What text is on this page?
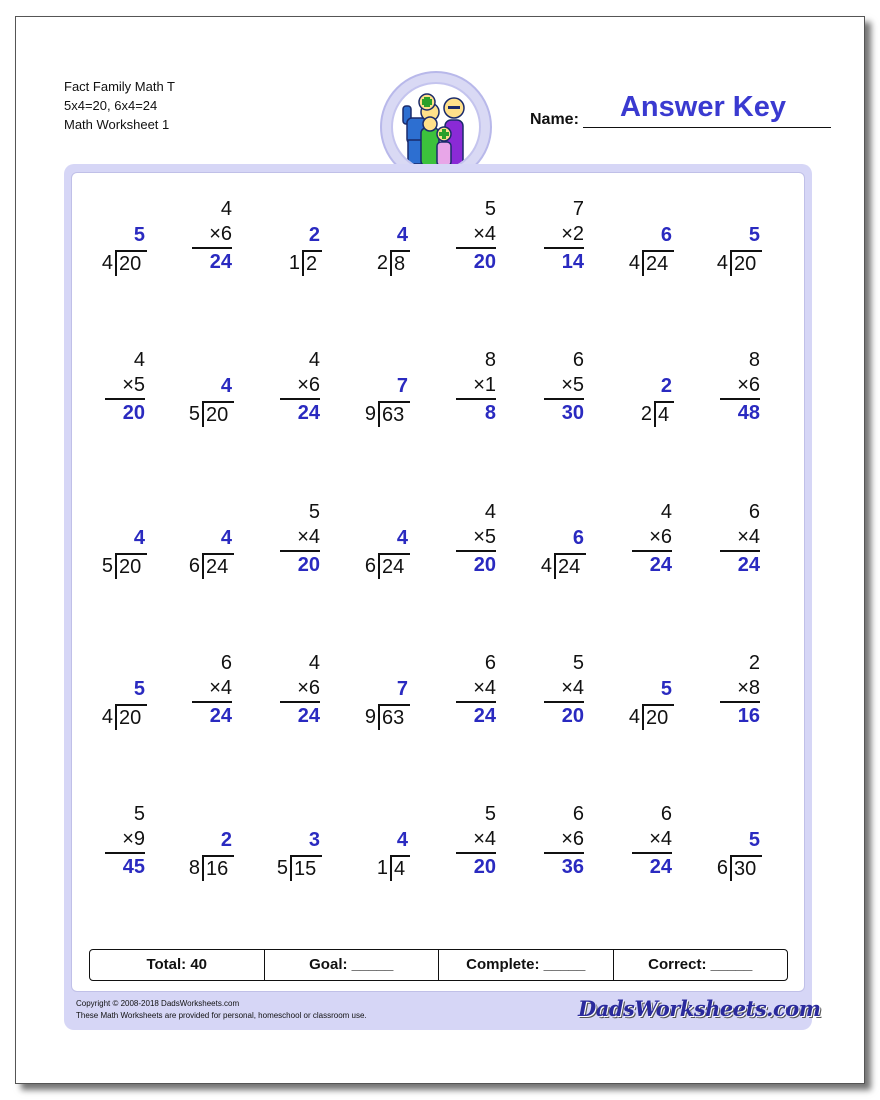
Fact Family Math T
5x4=20, 6x4=24
Math Worksheet 1	Name:	Answer Key
5
4 20
4
×6
24
2
1 2
4
2 8
5
×4
20
7
×2
14
6
4 24
5
4 20
4
×5
20
4
5 20
4
×6
24
7
9 63
8
×1
8
6
×5
30
2
2 4
8
×6
48
4
5 20
4
6 24
5
×4
20
4
6 24
4
×5
20
6
4 24
4
×6
24
6
×4
24
5
4 20
6
×4
24
4
×6
24
7
9 63
6
×4
24
5
×4
20
5
4 20
2
×8
16
5
×9
45
2
8 16
3
5 15
4
1 4
5
×4
20
6
×6
36
6
×4
24
5
6 30
Total: 40	Goal: _____	Complete: _____	Correct: _____
Copyright © 2008-2018 DadsWorksheets.com
These Math Worksheets are provided for personal, homeschool or classroom use.	DadsWorksheets.com
